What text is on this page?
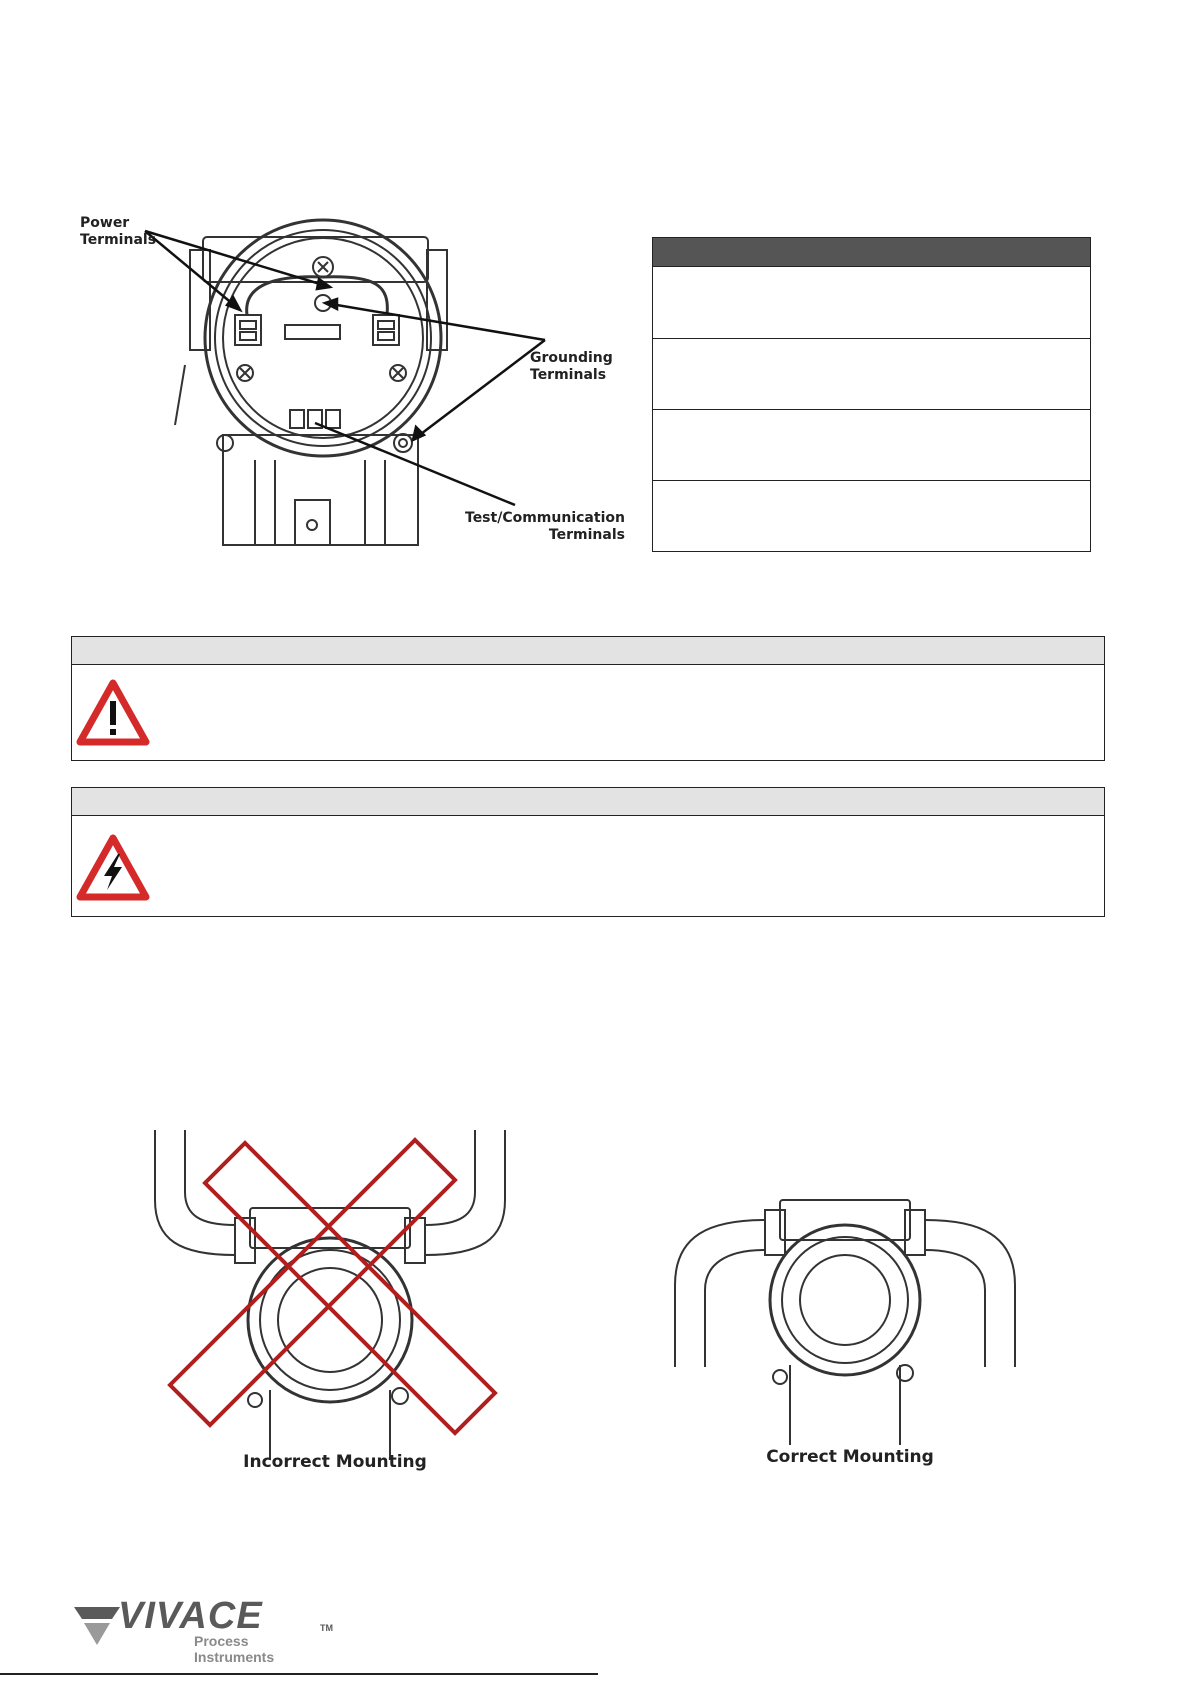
Power
Terminals
Grounding
Terminals
Test/Communication
Terminals
Incorrect Mounting	Correct Mounting
VIVACE	TM
Process Instruments
